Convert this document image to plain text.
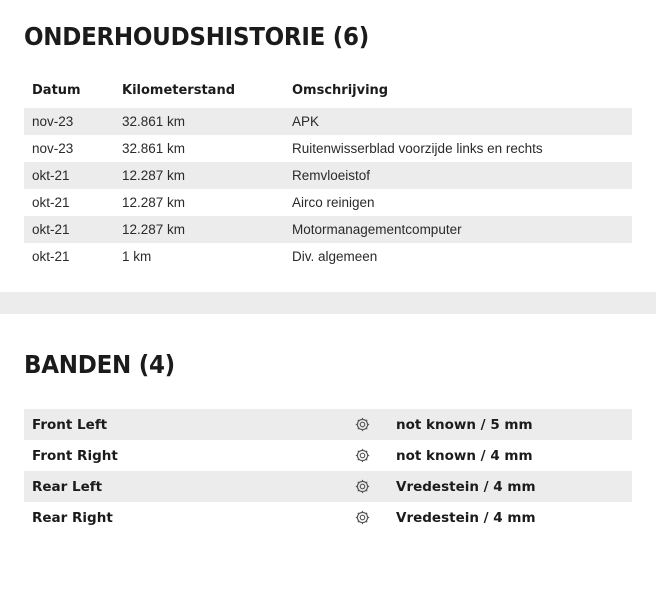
ONDERHOUDSHISTORIE (6)
Datum	Kilometerstand	Omschrijving
nov-23	32.861 km	APK
nov-23	32.861 km	Ruitenwisserblad voorzijde links en rechts
okt-21	12.287 km	Remvloeistof
okt-21	12.287 km	Airco reinigen
okt-21	12.287 km	Motormanagementcomputer
okt-21	1 km	Div. algemeen
BANDEN (4)
Front Left		not known / 5 mm
Front Right		not known / 4 mm
Rear Left		Vredestein / 4 mm
Rear Right		Vredestein / 4 mm
